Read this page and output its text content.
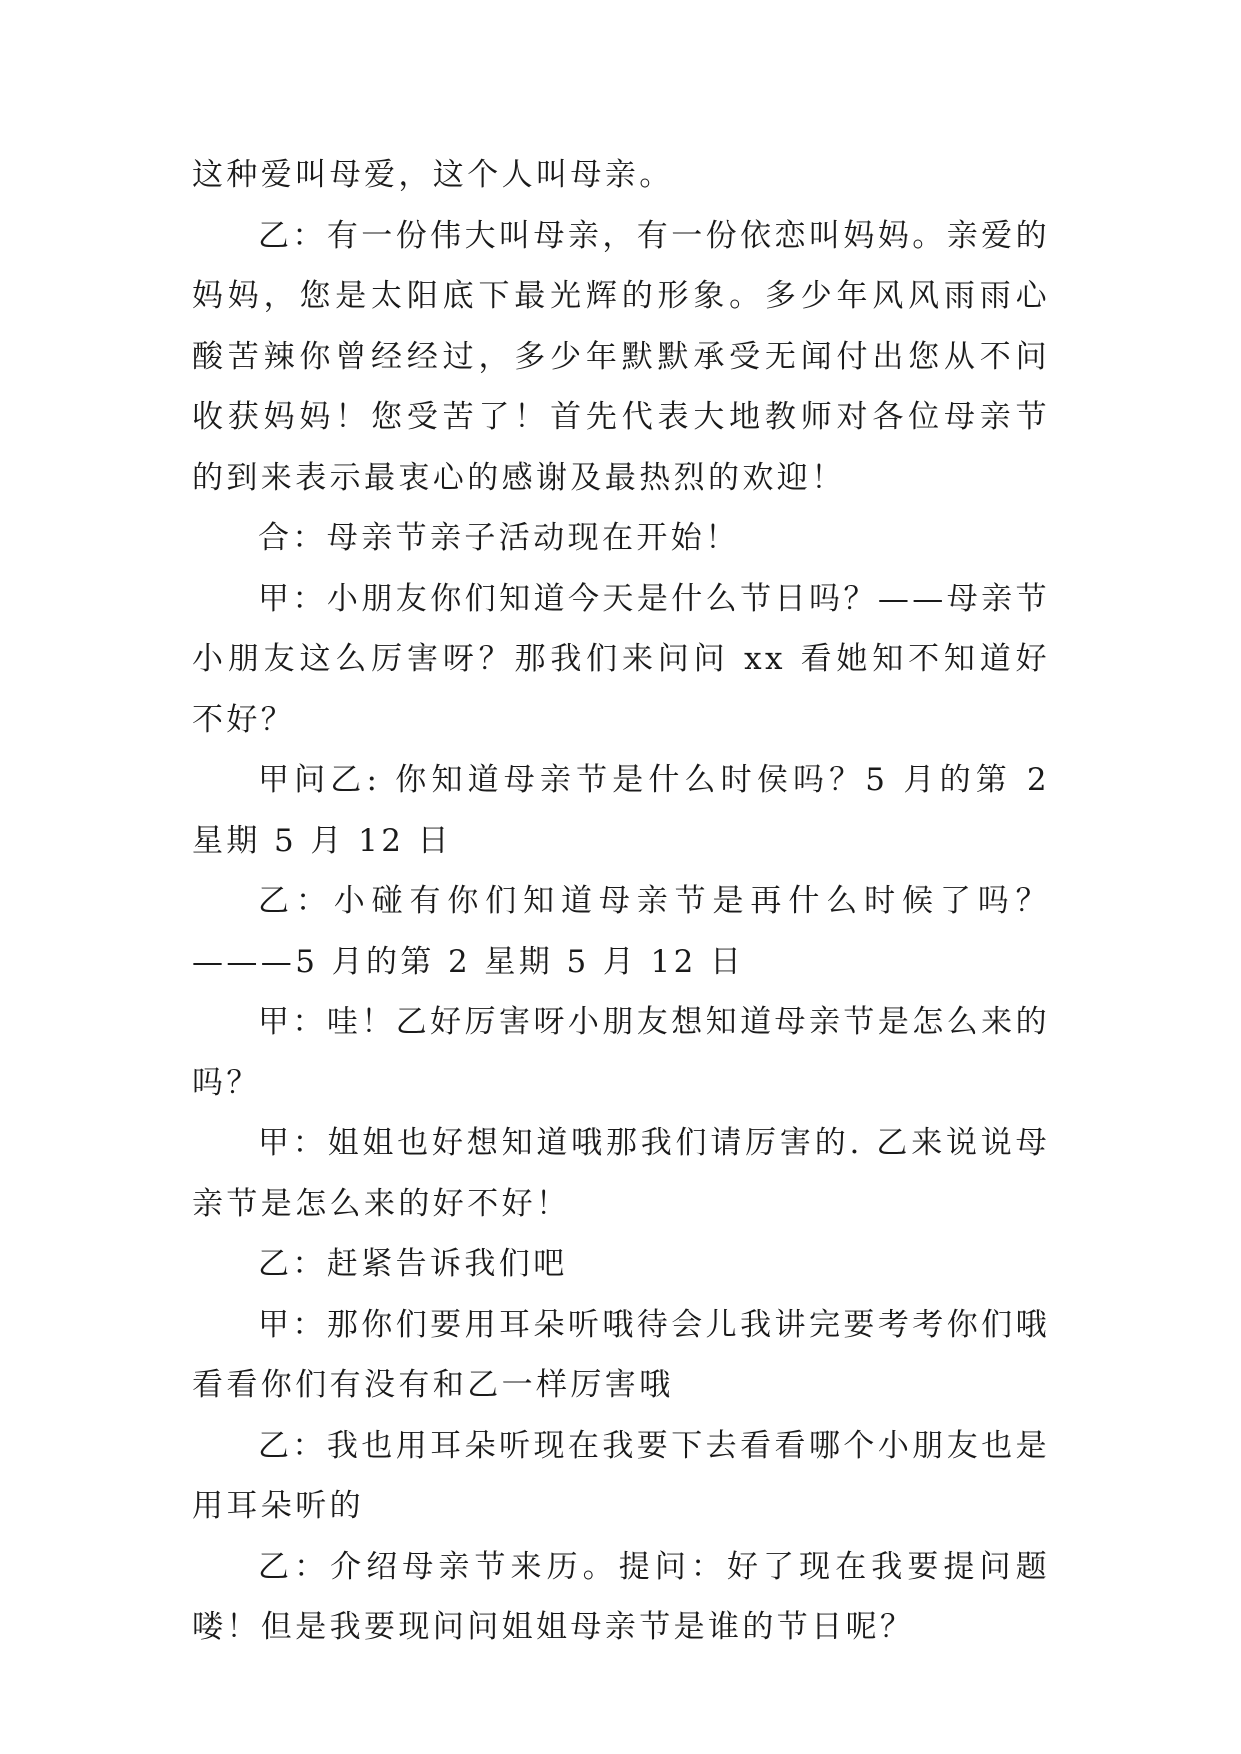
这种爱叫母爱，这个人叫母亲。

乙：有一份伟大叫母亲，有一份依恋叫妈妈。亲爱的妈妈，您是太阳底下最光辉的形象。多少年风风雨雨心酸苦辣你曾经经过，多少年默默承受无闻付出您从不问收获妈妈！您受苦了！首先代表大地教师对各位母亲节的到来表示最衷心的感谢及最热烈的欢迎！

合：母亲节亲子活动现在开始！

甲：小朋友你们知道今天是什么节日吗？——母亲节小朋友这么厉害呀？那我们来问问 xx 看她知不知道好不好？

甲问乙: 你知道母亲节是什么时侯吗？5 月的第 2 星期 5 月 12 日

乙：小碰有你们知道母亲节是再什么时候了吗？———5 月的第 2 星期 5 月 12 日

甲：哇！乙好厉害呀小朋友想知道母亲节是怎么来的吗？

甲：姐姐也好想知道哦那我们请厉害的. 乙来说说母亲节是怎么来的好不好！

乙：赶紧告诉我们吧

甲：那你们要用耳朵听哦待会儿我讲完要考考你们哦看看你们有没有和乙一样厉害哦

乙：我也用耳朵听现在我要下去看看哪个小朋友也是用耳朵听的

乙：介绍母亲节来历。提问：好了现在我要提问题喽！但是我要现问问姐姐母亲节是谁的节日呢？
